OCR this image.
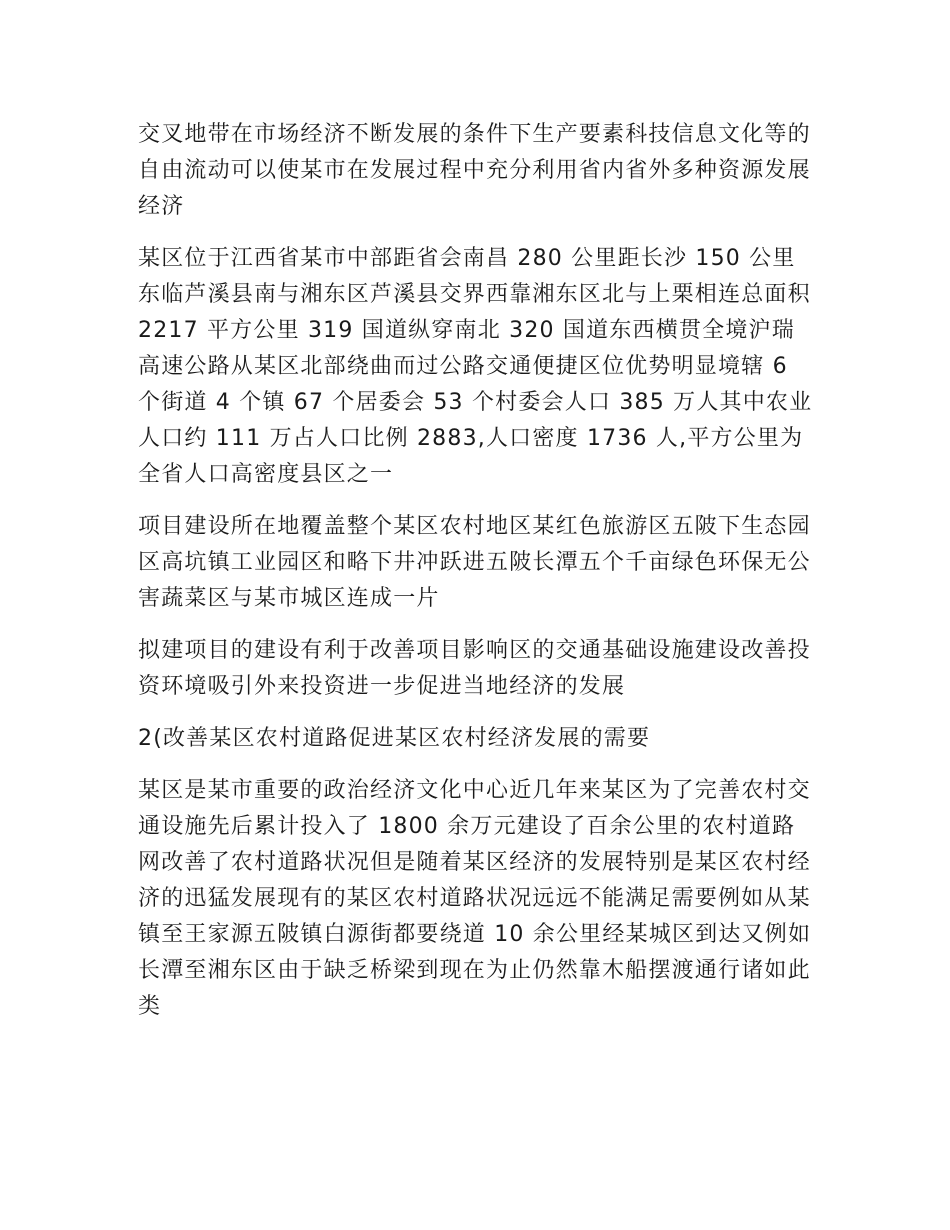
交叉地带在市场经济不断发展的条件下生产要素科技信息文化等的自由流动可以使某市在发展过程中充分利用省内省外多种资源发展经济

某区位于江西省某市中部距省会南昌 280 公里距长沙 150 公里东临芦溪县南与湘东区芦溪县交界西靠湘东区北与上栗相连总面积 2217 平方公里 319 国道纵穿南北 320 国道东西横贯全境沪瑞高速公路从某区北部绕曲而过公路交通便捷区位优势明显境辖 6 个街道 4 个镇 67 个居委会 53 个村委会人口 385 万人其中农业人口约 111 万占人口比例 2883,人口密度 1736 人,平方公里为全省人口高密度县区之一

项目建设所在地覆盖整个某区农村地区某红色旅游区五陂下生态园区高坑镇工业园区和略下井冲跃进五陂长潭五个千亩绿色环保无公害蔬菜区与某市城区连成一片

拟建项目的建设有利于改善项目影响区的交通基础设施建设改善投资环境吸引外来投资进一步促进当地经济的发展

2(改善某区农村道路促进某区农村经济发展的需要

某区是某市重要的政治经济文化中心近几年来某区为了完善农村交通设施先后累计投入了 1800 余万元建设了百余公里的农村道路网改善了农村道路状况但是随着某区经济的发展特别是某区农村经济的迅猛发展现有的某区农村道路状况远远不能满足需要例如从某镇至王家源五陂镇白源街都要绕道 10 余公里经某城区到达又例如长潭至湘东区由于缺乏桥梁到现在为止仍然靠木船摆渡通行诸如此类
